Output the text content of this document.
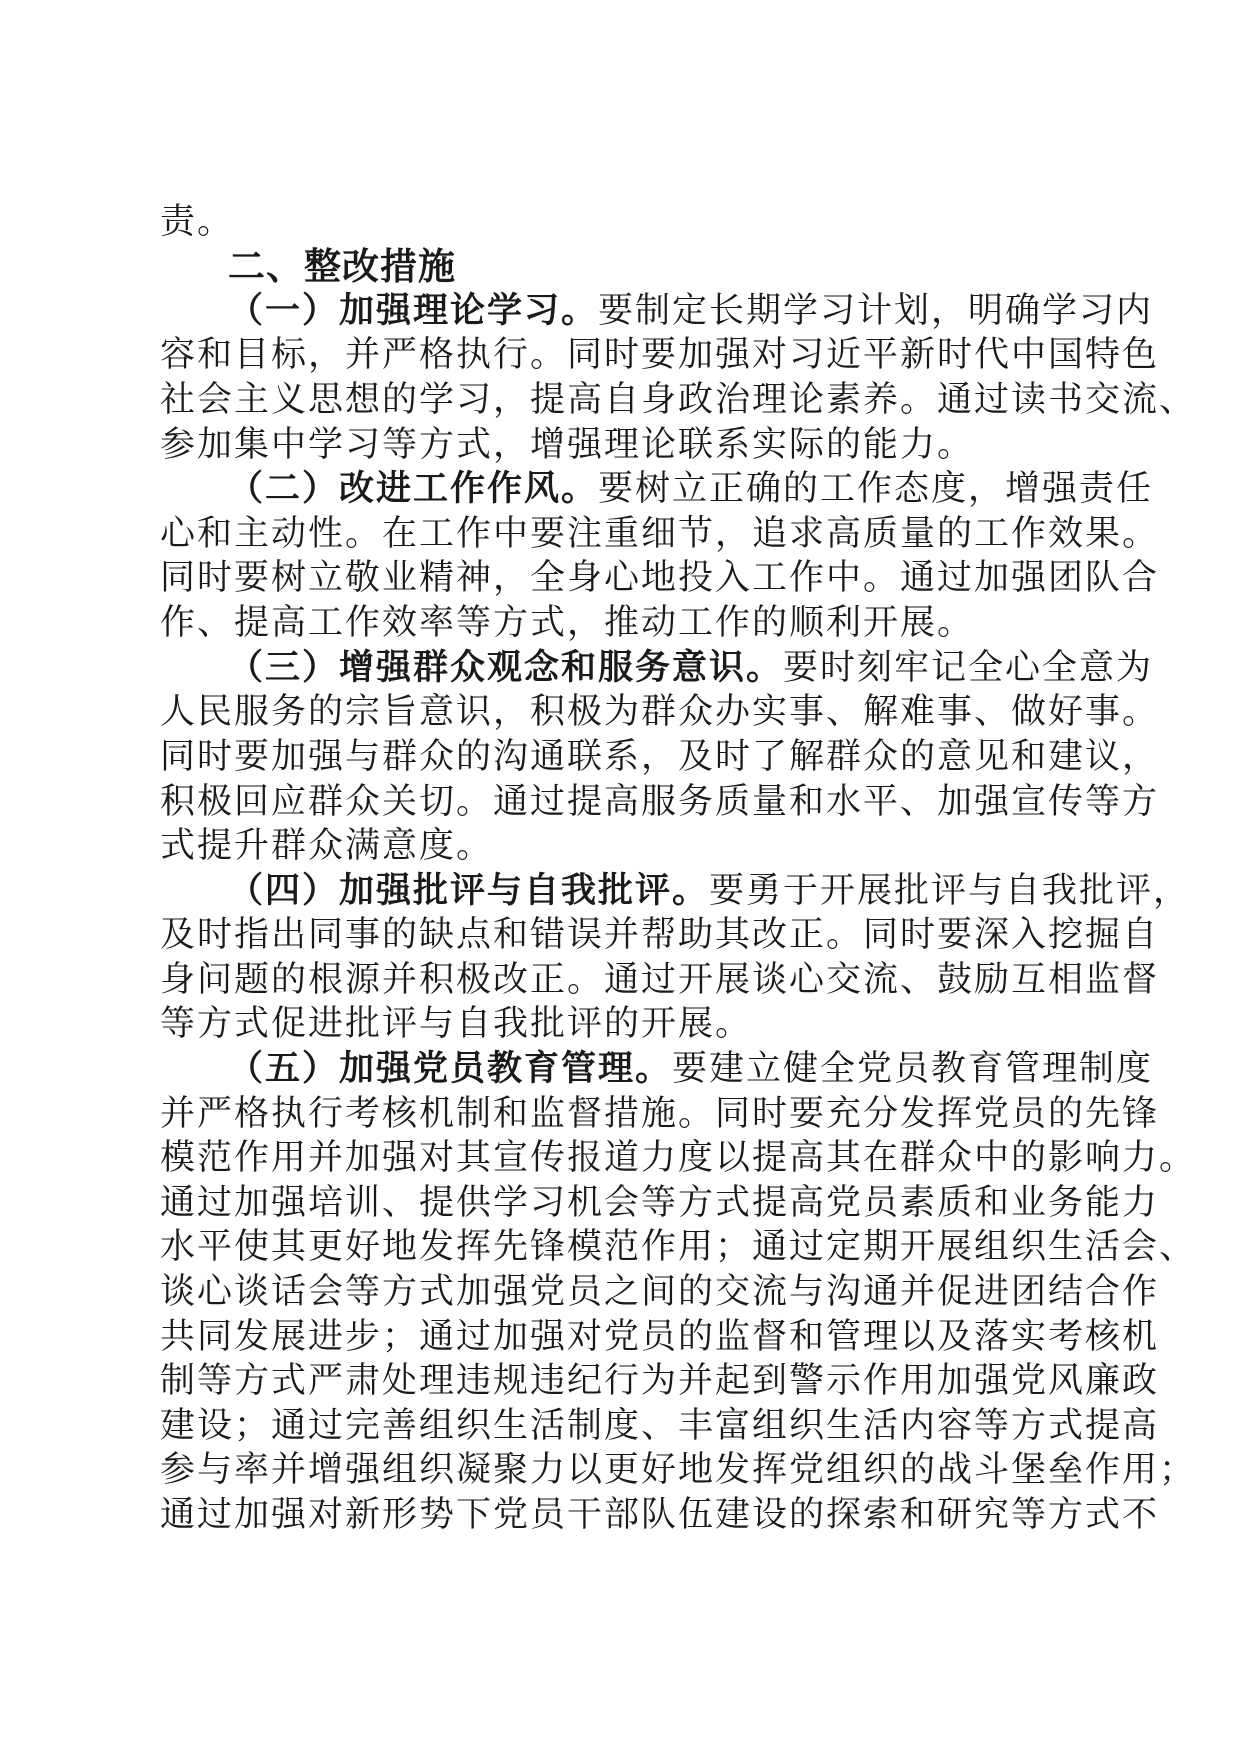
责。
二、整改措施
（一）加强理论学习。要制定长期学习计划，明确学习内
容和目标，并严格执行。同时要加强对习近平新时代中国特色
社会主义思想的学习，提高自身政治理论素养。通过读书交流、
参加集中学习等方式，增强理论联系实际的能力。
（二）改进工作作风。要树立正确的工作态度，增强责任
心和主动性。在工作中要注重细节，追求高质量的工作效果。
同时要树立敬业精神，全身心地投入工作中。通过加强团队合
作、提高工作效率等方式，推动工作的顺利开展。
（三）增强群众观念和服务意识。要时刻牢记全心全意为
人民服务的宗旨意识，积极为群众办实事、解难事、做好事。
同时要加强与群众的沟通联系，及时了解群众的意见和建议，
积极回应群众关切。通过提高服务质量和水平、加强宣传等方
式提升群众满意度。
（四）加强批评与自我批评。要勇于开展批评与自我批评，
及时指出同事的缺点和错误并帮助其改正。同时要深入挖掘自
身问题的根源并积极改正。通过开展谈心交流、鼓励互相监督
等方式促进批评与自我批评的开展。
（五）加强党员教育管理。要建立健全党员教育管理制度
并严格执行考核机制和监督措施。同时要充分发挥党员的先锋
模范作用并加强对其宣传报道力度以提高其在群众中的影响力。
通过加强培训、提供学习机会等方式提高党员素质和业务能力
水平使其更好地发挥先锋模范作用；通过定期开展组织生活会、
谈心谈话会等方式加强党员之间的交流与沟通并促进团结合作
共同发展进步；通过加强对党员的监督和管理以及落实考核机
制等方式严肃处理违规违纪行为并起到警示作用加强党风廉政
建设；通过完善组织生活制度、丰富组织生活内容等方式提高
参与率并增强组织凝聚力以更好地发挥党组织的战斗堡垒作用；
通过加强对新形势下党员干部队伍建设的探索和研究等方式不
